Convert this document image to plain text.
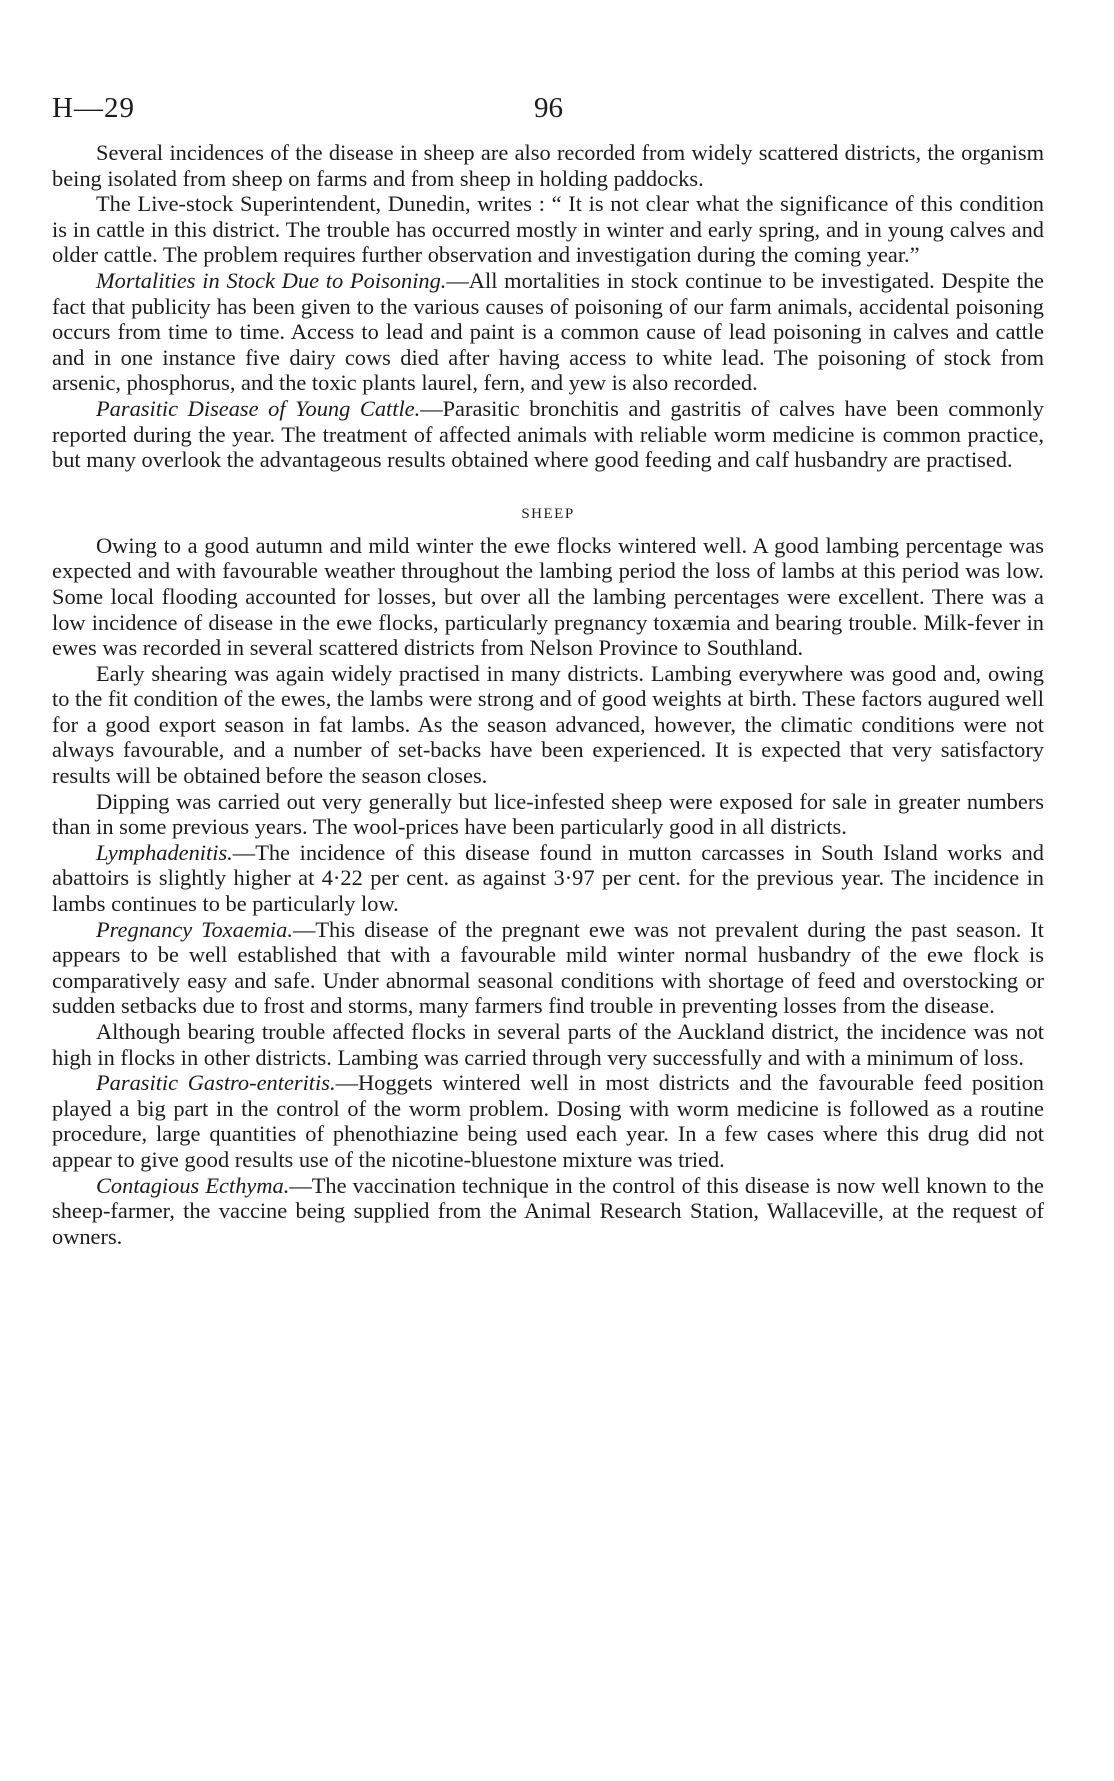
H—29	96

Several incidences of the disease in sheep are also recorded from widely scattered districts, the organism being isolated from sheep on farms and from sheep in holding paddocks.

The Live-stock Superintendent, Dunedin, writes : “ It is not clear what the significance of this condition is in cattle in this district. The trouble has occurred mostly in winter and early spring, and in young calves and older cattle. The problem requires further observation and investigation during the coming year.”

Mortalities in Stock Due to Poisoning.—All mortalities in stock continue to be investigated. Despite the fact that publicity has been given to the various causes of poisoning of our farm animals, accidental poisoning occurs from time to time. Access to lead and paint is a common cause of lead poisoning in calves and cattle and in one instance five dairy cows died after having access to white lead. The poisoning of stock from arsenic, phosphorus, and the toxic plants laurel, fern, and yew is also recorded.

Parasitic Disease of Young Cattle.—Parasitic bronchitis and gastritis of calves have been commonly reported during the year. The treatment of affected animals with reliable worm medicine is common practice, but many overlook the advantageous results obtained where good feeding and calf husbandry are practised.

SHEEP

Owing to a good autumn and mild winter the ewe flocks wintered well. A good lambing percentage was expected and with favourable weather throughout the lambing period the loss of lambs at this period was low. Some local flooding accounted for losses, but over all the lambing percentages were excellent. There was a low incidence of disease in the ewe flocks, particularly pregnancy toxæmia and bearing trouble. Milk-fever in ewes was recorded in several scattered districts from Nelson Province to Southland.

Early shearing was again widely practised in many districts. Lambing everywhere was good and, owing to the fit condition of the ewes, the lambs were strong and of good weights at birth. These factors augured well for a good export season in fat lambs. As the season advanced, however, the climatic conditions were not always favourable, and a number of set-backs have been experienced. It is expected that very satisfactory results will be obtained before the season closes.

Dipping was carried out very generally but lice-infested sheep were exposed for sale in greater numbers than in some previous years. The wool-prices have been particularly good in all districts.

Lymphadenitis.—The incidence of this disease found in mutton carcasses in South Island works and abattoirs is slightly higher at 4·22 per cent. as against 3·97 per cent. for the previous year. The incidence in lambs continues to be particularly low.

Pregnancy Toxaemia.—This disease of the pregnant ewe was not prevalent during the past season. It appears to be well established that with a favourable mild winter normal husbandry of the ewe flock is comparatively easy and safe. Under abnormal seasonal conditions with shortage of feed and overstocking or sudden setbacks due to frost and storms, many farmers find trouble in preventing losses from the disease.

Although bearing trouble affected flocks in several parts of the Auckland district, the incidence was not high in flocks in other districts. Lambing was carried through very successfully and with a minimum of loss.

Parasitic Gastro-enteritis.—Hoggets wintered well in most districts and the favourable feed position played a big part in the control of the worm problem. Dosing with worm medicine is followed as a routine procedure, large quantities of phenothiazine being used each year. In a few cases where this drug did not appear to give good results use of the nicotine-bluestone mixture was tried.

Contagious Ecthyma.—The vaccination technique in the control of this disease is now well known to the sheep-farmer, the vaccine being supplied from the Animal Research Station, Wallaceville, at the request of owners.
